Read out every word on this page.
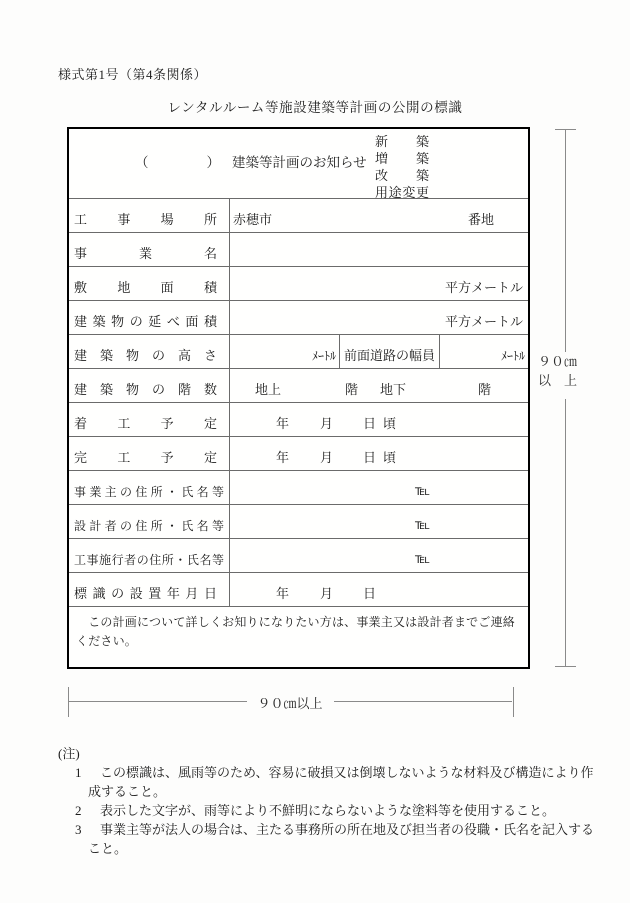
様式第1号（第4条関係）
レンタルルーム等施設建築等計画の公開の標識
（	） 建築等計画のお知らせ
新築
増築
改築
用途変更
工事場所	赤穂市	番地
事業名
敷地面積	平方メートル
建築物の延べ面積	平方メートル
建築物の高さ	ﾒｰﾄﾙ 前面道路の幅員	ﾒｰﾄﾙ
建築物の階数	地上	階 地下	階
着工予定	年 月 日 頃
完工予定	年 月 日 頃
事業主の住所・氏名等	℡
設計者の住所・氏名等	℡
工事施行者の住所・氏名等	℡
標識の設置年月日	年 月 日
　この計画について詳しくお知りになりたい方は、事業主又は設計者までご連絡ください。
９０㎝
以　上
９０㎝以上
(注)
1	この標識は、風雨等のため、容易に破損又は倒壊しないような材料及び構造により作成すること。
2	表示した文字が、雨等により不鮮明にならないような塗料等を使用すること。
3	事業主等が法人の場合は、主たる事務所の所在地及び担当者の役職・氏名を記入すること。
